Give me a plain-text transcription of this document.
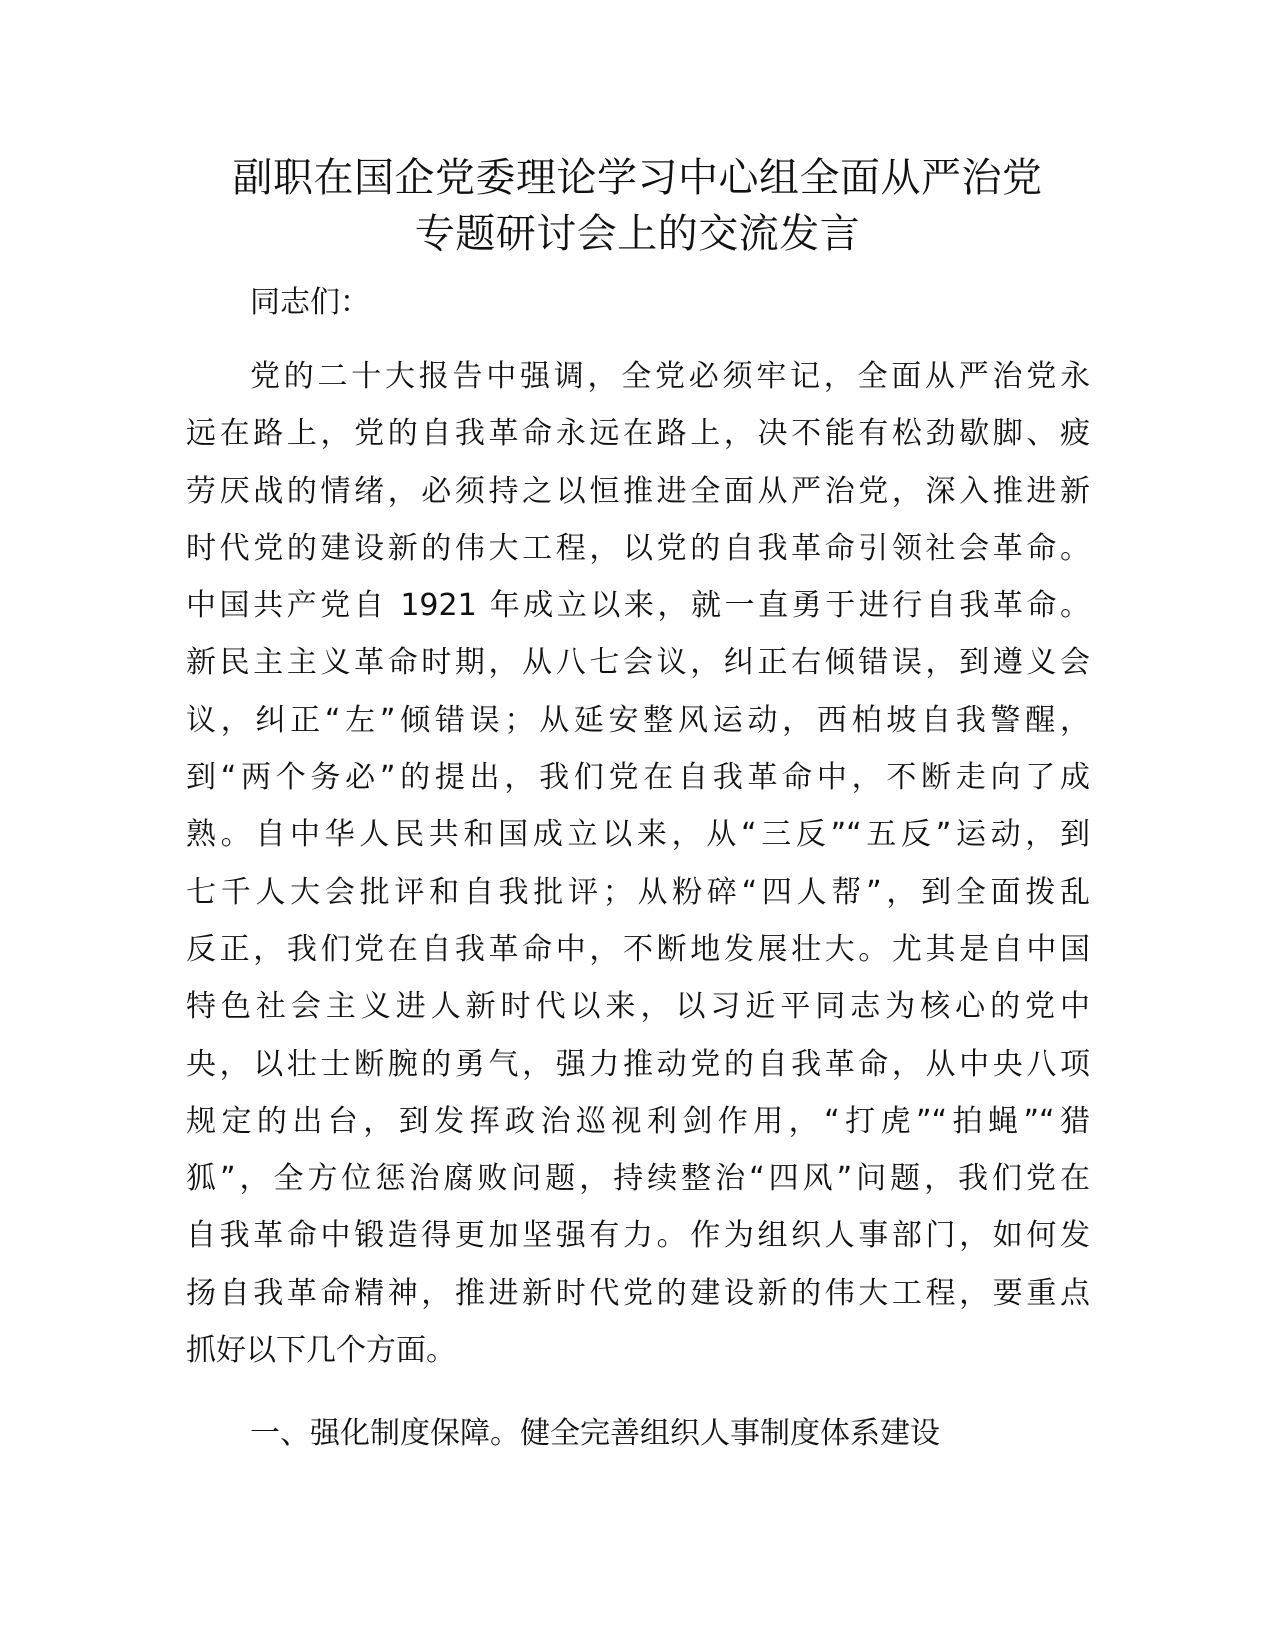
副职在国企党委理论学习中心组全面从严治党
专题研讨会上的交流发言
同志们：
党的二十大报告中强调，全党必须牢记，全面从严治党永
远在路上，党的自我革命永远在路上，决不能有松劲歇脚、疲
劳厌战的情绪，必须持之以恒推进全面从严治党，深入推进新
时代党的建设新的伟大工程，以党的自我革命引领社会革命。
中国共产党自 1921 年成立以来，就一直勇于进行自我革命。
新民主主义革命时期，从八七会议，纠正右倾错误，到遵义会
议，纠正“左”倾错误；从延安整风运动，西柏坡自我警醒，
到“两个务必”的提出，我们党在自我革命中，不断走向了成
熟。自中华人民共和国成立以来，从“三反”“五反”运动，到
七千人大会批评和自我批评；从粉碎“四人帮”，到全面拨乱
反正，我们党在自我革命中，不断地发展壮大。尤其是自中国
特色社会主义进人新时代以来，以习近平同志为核心的党中
央，以壮士断腕的勇气，强力推动党的自我革命，从中央八项
规定的出台，到发挥政治巡视利剑作用，“打虎”“拍蝇”“猎
狐”，全方位惩治腐败问题，持续整治“四风”问题，我们党在
自我革命中锻造得更加坚强有力。作为组织人事部门，如何发
扬自我革命精神，推进新时代党的建设新的伟大工程，要重点
抓好以下几个方面。
一、强化制度保障。健全完善组织人事制度体系建设
